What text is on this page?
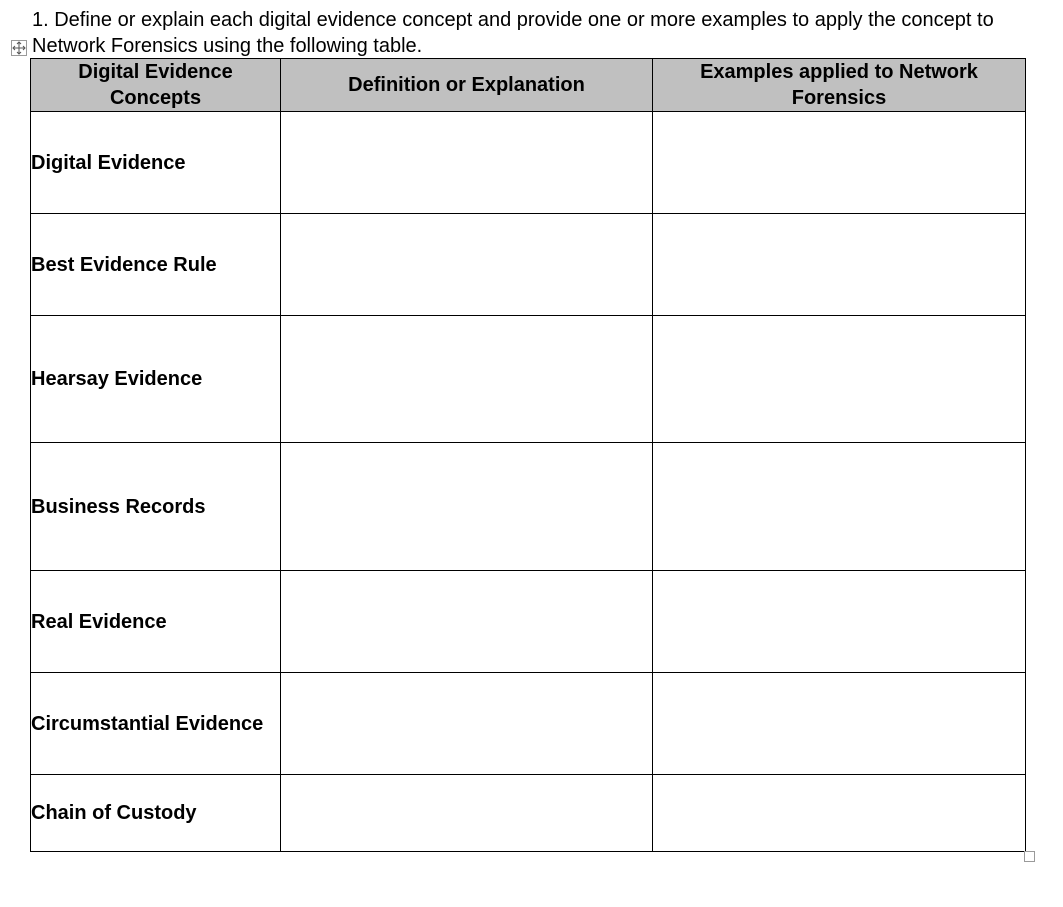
1. Define or explain each digital evidence concept and provide one or more examples to apply the concept to Network Forensics using the following table.

Digital Evidence Concepts	Definition or Explanation	Examples applied to Network Forensics
Digital Evidence		
Best Evidence Rule		
Hearsay Evidence		
Business Records		
Real Evidence		
Circumstantial Evidence		
Chain of Custody		
